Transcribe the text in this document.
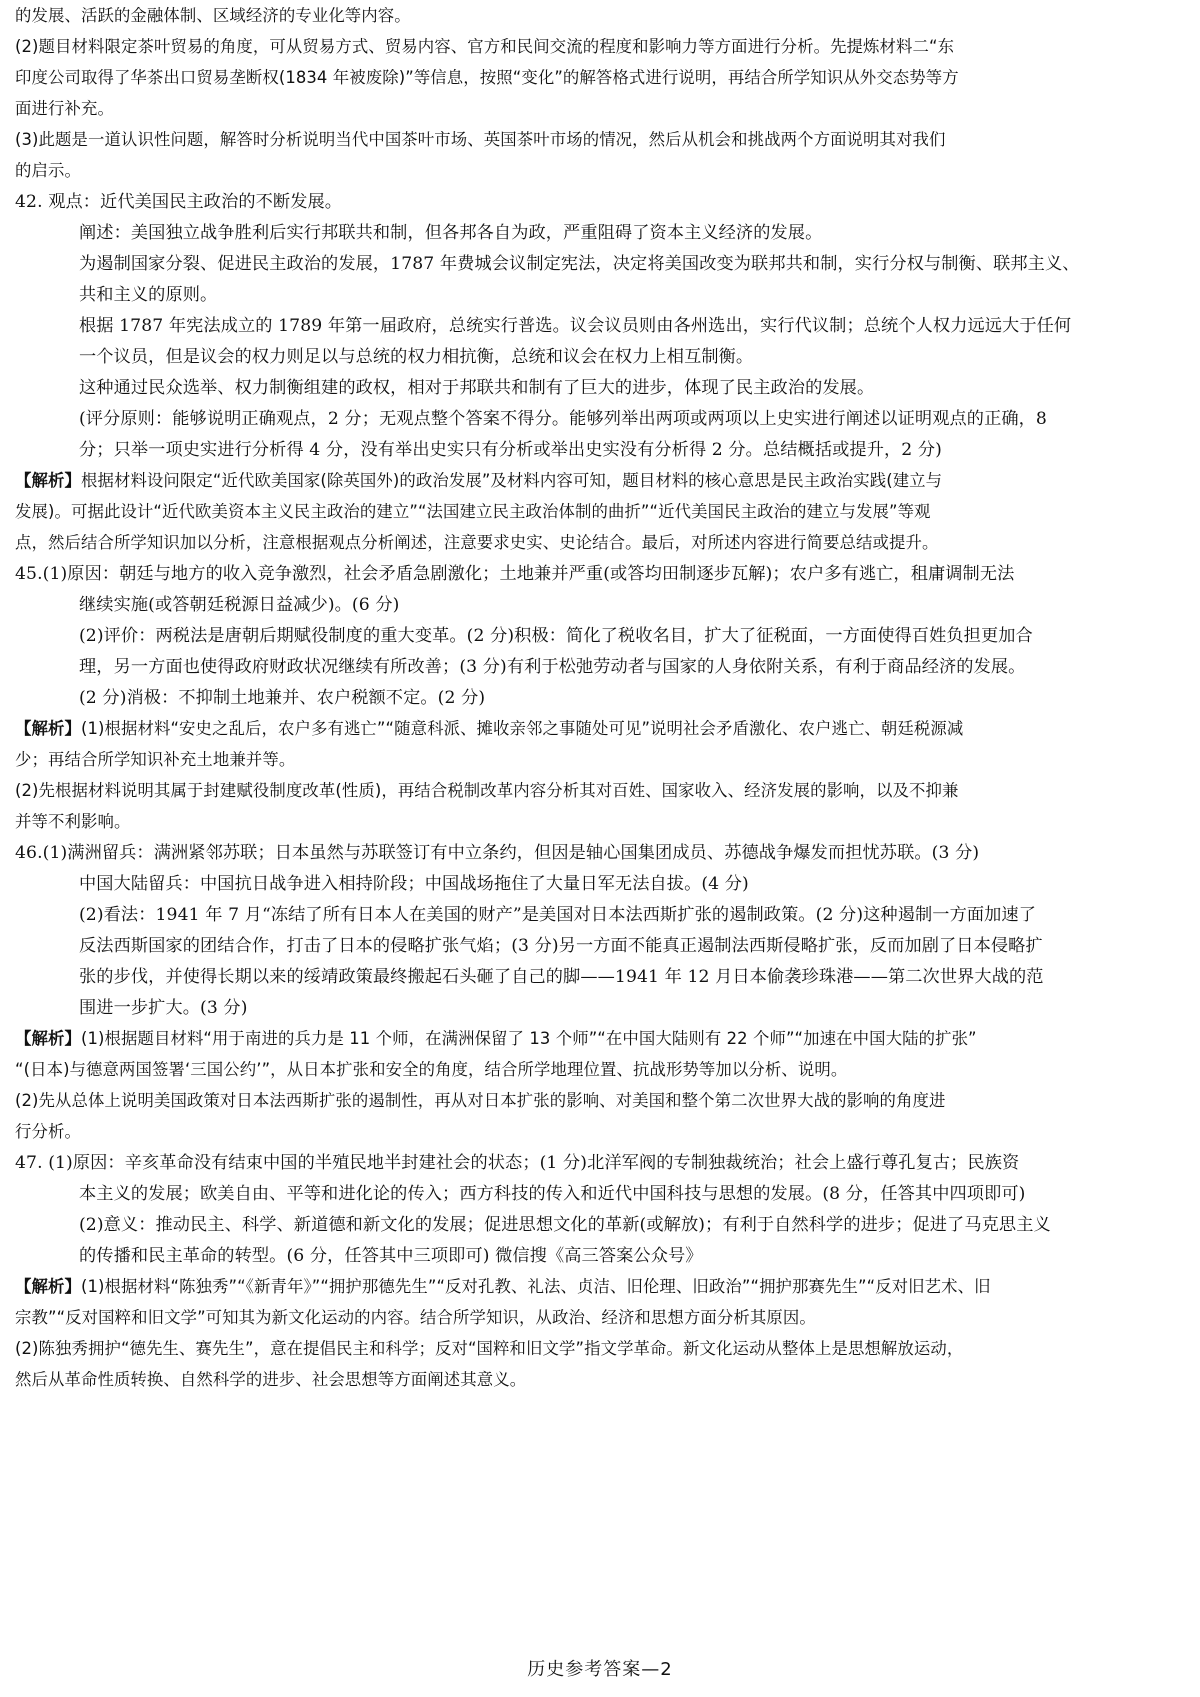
的发展、活跃的金融体制、区域经济的专业化等内容。
(2)题目材料限定茶叶贸易的角度，可从贸易方式、贸易内容、官方和民间交流的程度和影响力等方面进行分析。先提炼材料二“东
印度公司取得了华茶出口贸易垄断权(1834 年被废除)”等信息，按照“变化”的解答格式进行说明，再结合所学知识从外交态势等方
面进行补充。
(3)此题是一道认识性问题，解答时分析说明当代中国茶叶市场、英国茶叶市场的情况，然后从机会和挑战两个方面说明其对我们
的启示。
42. 观点：近代美国民主政治的不断发展。
阐述：美国独立战争胜利后实行邦联共和制，但各邦各自为政，严重阻碍了资本主义经济的发展。
为遏制国家分裂、促进民主政治的发展，1787 年费城会议制定宪法，决定将美国改变为联邦共和制，实行分权与制衡、联邦主义、
共和主义的原则。
根据 1787 年宪法成立的 1789 年第一届政府，总统实行普选。议会议员则由各州选出，实行代议制；总统个人权力远远大于任何
一个议员，但是议会的权力则足以与总统的权力相抗衡，总统和议会在权力上相互制衡。
这种通过民众选举、权力制衡组建的政权，相对于邦联共和制有了巨大的进步，体现了民主政治的发展。
(评分原则：能够说明正确观点，2 分；无观点整个答案不得分。能够列举出两项或两项以上史实进行阐述以证明观点的正确，8
分；只举一项史实进行分析得 4 分，没有举出史实只有分析或举出史实没有分析得 2 分。总结概括或提升，2 分)
【解析】根据材料设问限定“近代欧美国家(除英国外)的政治发展”及材料内容可知，题目材料的核心意思是民主政治实践(建立与
发展)。可据此设计“近代欧美资本主义民主政治的建立”“法国建立民主政治体制的曲折”“近代美国民主政治的建立与发展”等观
点，然后结合所学知识加以分析，注意根据观点分析阐述，注意要求史实、史论结合。最后，对所述内容进行简要总结或提升。
45.(1)原因：朝廷与地方的收入竞争激烈，社会矛盾急剧激化；土地兼并严重(或答均田制逐步瓦解)；农户多有逃亡，租庸调制无法
继续实施(或答朝廷税源日益减少)。(6 分)
(2)评价：两税法是唐朝后期赋役制度的重大变革。(2 分)积极：简化了税收名目，扩大了征税面，一方面使得百姓负担更加合
理，另一方面也使得政府财政状况继续有所改善；(3 分)有利于松弛劳动者与国家的人身依附关系，有利于商品经济的发展。
(2 分)消极：不抑制土地兼并、农户税额不定。(2 分)
【解析】(1)根据材料“安史之乱后，农户多有逃亡”“随意科派、摊收亲邻之事随处可见”说明社会矛盾激化、农户逃亡、朝廷税源减
少；再结合所学知识补充土地兼并等。
(2)先根据材料说明其属于封建赋役制度改革(性质)，再结合税制改革内容分析其对百姓、国家收入、经济发展的影响，以及不抑兼
并等不利影响。
46.(1)满洲留兵：满洲紧邻苏联；日本虽然与苏联签订有中立条约，但因是轴心国集团成员、苏德战争爆发而担忧苏联。(3 分)
中国大陆留兵：中国抗日战争进入相持阶段；中国战场拖住了大量日军无法自拔。(4 分)
(2)看法：1941 年 7 月“冻结了所有日本人在美国的财产”是美国对日本法西斯扩张的遏制政策。(2 分)这种遏制一方面加速了
反法西斯国家的团结合作，打击了日本的侵略扩张气焰；(3 分)另一方面不能真正遏制法西斯侵略扩张，反而加剧了日本侵略扩
张的步伐，并使得长期以来的绥靖政策最终搬起石头砸了自己的脚——1941 年 12 月日本偷袭珍珠港——第二次世界大战的范
围进一步扩大。(3 分)
【解析】(1)根据题目材料“用于南进的兵力是 11 个师，在满洲保留了 13 个师”“在中国大陆则有 22 个师”“加速在中国大陆的扩张”
“(日本)与德意两国签署‘三国公约’”，从日本扩张和安全的角度，结合所学地理位置、抗战形势等加以分析、说明。
(2)先从总体上说明美国政策对日本法西斯扩张的遏制性，再从对日本扩张的影响、对美国和整个第二次世界大战的影响的角度进
行分析。
47. (1)原因：辛亥革命没有结束中国的半殖民地半封建社会的状态；(1 分)北洋军阀的专制独裁统治；社会上盛行尊孔复古；民族资
本主义的发展；欧美自由、平等和进化论的传入；西方科技的传入和近代中国科技与思想的发展。(8 分，任答其中四项即可)
(2)意义：推动民主、科学、新道德和新文化的发展；促进思想文化的革新(或解放)；有利于自然科学的进步；促进了马克思主义
的传播和民主革命的转型。(6 分，任答其中三项即可) 微信搜《高三答案公众号》
【解析】(1)根据材料“陈独秀”“《新青年》”“拥护那德先生”“反对孔教、礼法、贞洁、旧伦理、旧政治”“拥护那赛先生”“反对旧艺术、旧
宗教”“反对国粹和旧文学”可知其为新文化运动的内容。结合所学知识，从政治、经济和思想方面分析其原因。
(2)陈独秀拥护“德先生、赛先生”，意在提倡民主和科学；反对“国粹和旧文学”指文学革命。新文化运动从整体上是思想解放运动，
然后从革命性质转换、自然科学的进步、社会思想等方面阐述其意义。
历史参考答案—2
